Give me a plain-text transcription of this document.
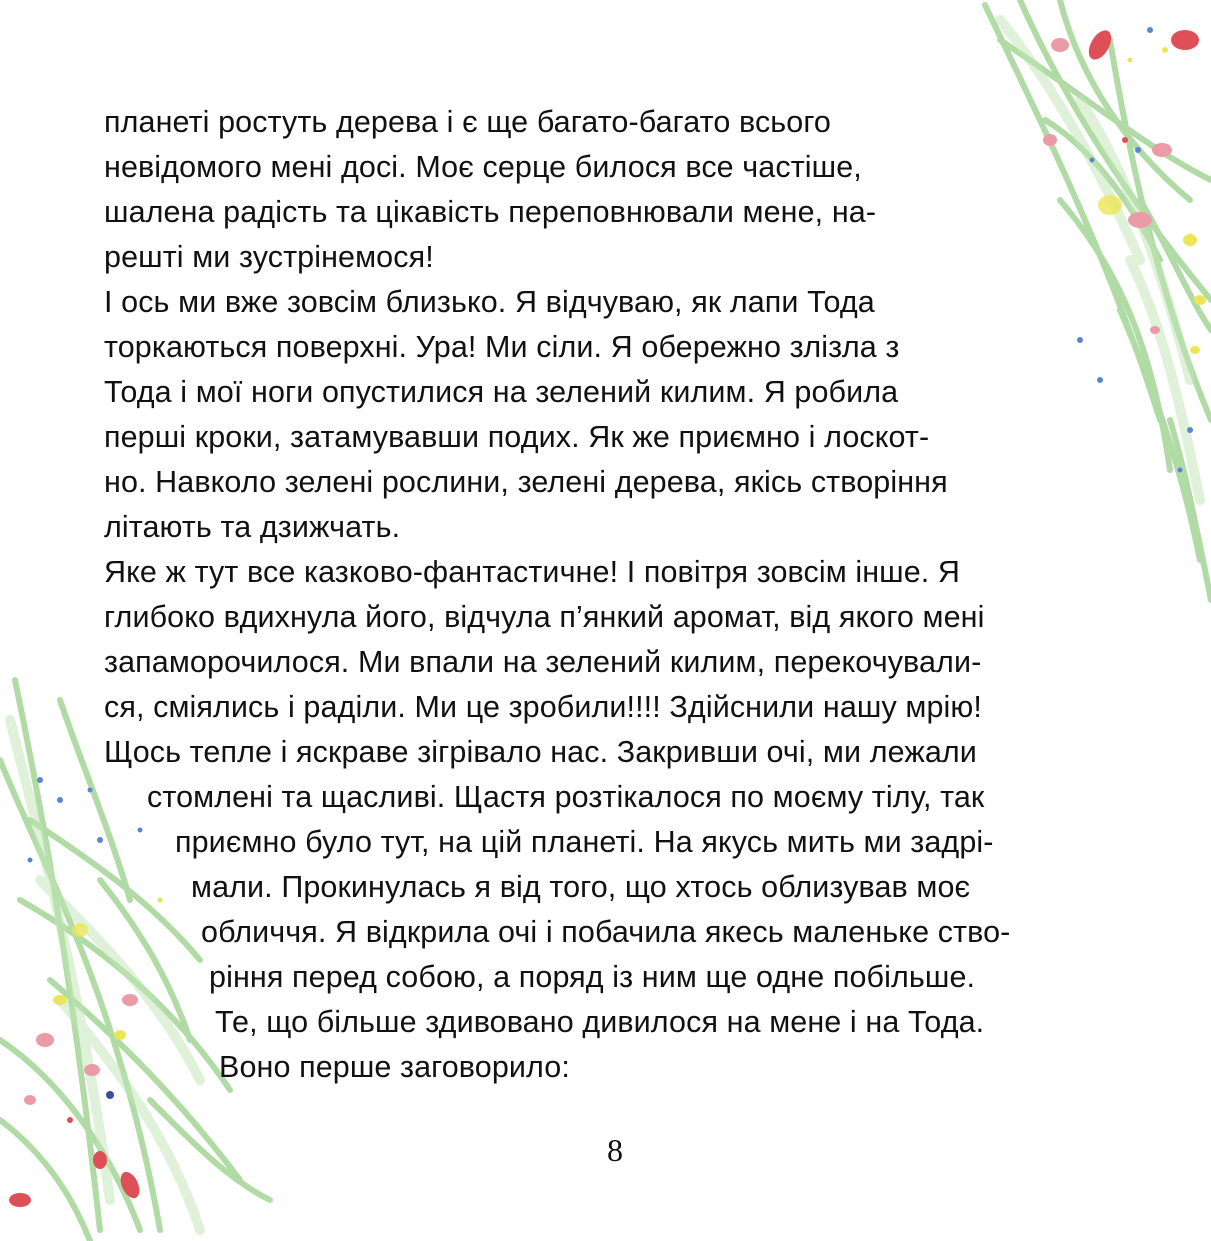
планеті ростуть дерева і є ще багато-багато всього
невідомого мені досі. Моє серце билося все частіше,
шалена радість та цікавість переповнювали мене, на-
решті ми зустрінемося!
І ось ми вже зовсім близько. Я відчуваю, як лапи Тода
торкаються поверхні. Ура! Ми сіли. Я обережно злізла з
Тода і мої ноги опустилися на зелений килим. Я робила
перші кроки, затамувавши подих. Як же приємно і лоскот-
но. Навколо зелені рослини, зелені дерева, якісь створіння
літають та дзижчать.
Яке ж тут все казково-фантастичне! І повітря зовсім інше. Я
глибоко вдихнула його, відчула п’янкий аромат, від якого мені
запаморочилося. Ми впали на зелений килим, перекочували-
ся, сміялись і раділи. Ми це зробили!!!! Здійснили нашу мрію!
Щось тепле і яскраве зігрівало нас. Закривши очі, ми лежали
стомлені та щасливі. Щастя розтікалося по моєму тілу, так
приємно було тут, на цій планеті. На якусь мить ми задрі-
мали. Прокинулась я від того, що хтось облизував моє
обличчя. Я відкрила очі і побачила якесь маленьке ство-
ріння перед собою, а поряд із ним ще одне побільше.
Те, що більше здивовано дивилося на мене і на Тода.
Воно перше заговорило:
8
